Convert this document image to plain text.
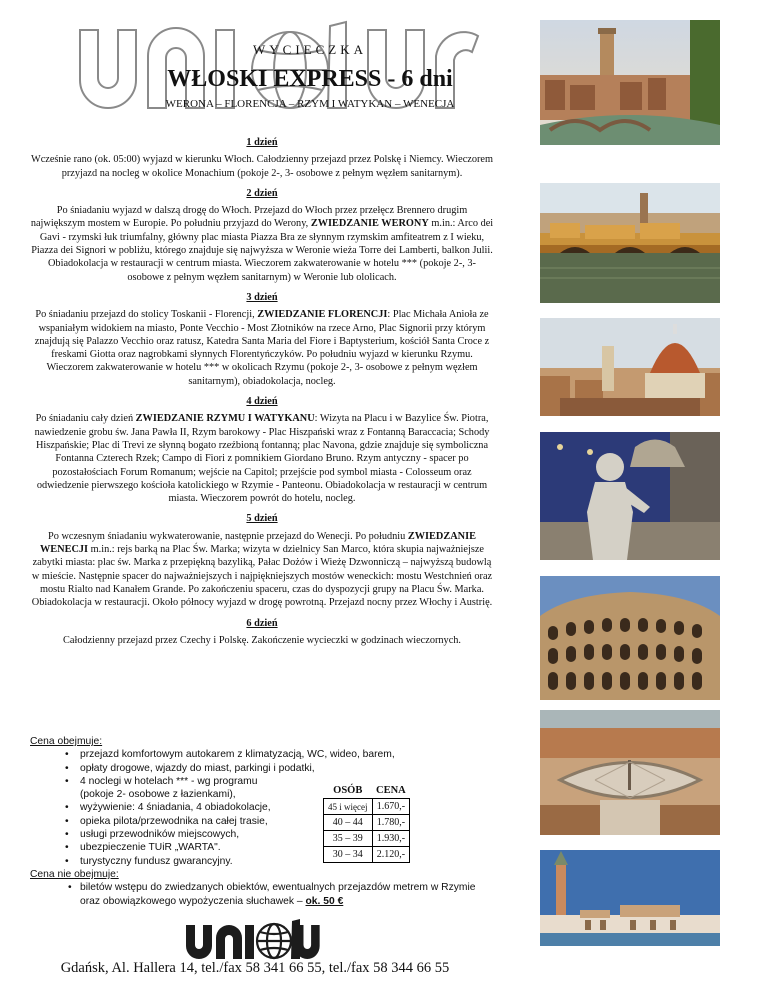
WYCIECZKA
WŁOSKI EXPRESS - 6 dni
WERONA – FLORENCJA – RZYM I WATYKAN – WENECJA
1 dzień
Wcześnie rano (ok. 05:00) wyjazd w kierunku Włoch. Całodzienny przejazd przez Polskę i Niemcy. Wieczorem przyjazd na nocleg w okolice Monachium (pokoje 2-, 3- osobowe z pełnym węzłem sanitarnym).
2 dzień
Po śniadaniu wyjazd w dalszą drogę do Włoch. Przejazd do Włoch przez przełęcz Brennero drugim największym mostem w Europie. Po południu przyjazd do Werony, ZWIEDZANIE WERONY m.in.: Arco dei Gavi - rzymski łuk triumfalny, główny plac miasta Piazza Bra ze słynnym rzymskim amfiteatrem z I wieku, Piazza dei Signori w pobliżu, którego znajduje się najwyższa w Weronie wieża Torre dei Lamberti, balkon Julii. Obiadokolacja w restauracji w centrum miasta. Wieczorem zakwaterowanie w hotelu *** (pokoje 2-, 3- osobowe z pełnym węzłem sanitarnym) w Weronie lub ololicach.
3 dzień
Po śniadaniu przejazd do stolicy Toskanii - Florencji, ZWIEDZANIE FLORENCJI: Plac Michała Anioła ze wspaniałym widokiem na miasto, Ponte Vecchio - Most Złotników na rzece Arno, Plac Signorii przy którym znajdują się Palazzo Vecchio oraz ratusz, Katedra Santa Maria del Fiore i Baptysterium, kościół Santa Croce z freskami Giotta oraz nagrobkami słynnych Florentyńczyków. Po południu wyjazd w kierunku Rzymu. Wieczorem zakwaterowanie w hotelu *** w okolicach Rzymu (pokoje 2-, 3- osobowe z pełnym węzłem sanitarnym), obiadokolacja, nocleg.
4 dzień
Po śniadaniu cały dzień ZWIEDZANIE RZYMU I WATYKANU: Wizyta na Placu i w Bazylice Św. Piotra, nawiedzenie grobu św. Jana Pawła II, Rzym barokowy - Plac Hiszpański wraz z Fontanną Baraccacia; Schody Hiszpańskie; Plac di Trevi ze słynną bogato rzeźbioną fontanną; plac Navona, gdzie znajduje się symboliczna Fontanna Czterech Rzek; Campo di Fiori z pomnikiem Giordano Bruno. Rzym antyczny - spacer po pozostałościach Forum Romanum; wejście na Capitol; przejście pod symbol miasta - Colosseum oraz odwiedzenie pierwszego kościoła katolickiego w Rzymie - Panteonu. Obiadokolacja w restauracji w centrum miasta. Wieczorem powrót do hotelu, nocleg.
5 dzień
Po wczesnym śniadaniu wykwaterowanie, następnie przejazd do Wenecji. Po południu ZWIEDZANIE WENECJI m.in.: rejs barką na Plac Św. Marka; wizyta w dzielnicy San Marco, która skupia najważniejsze zabytki miasta: plac św. Marka z przepiękną bazyliką, Pałac Dożów i Wieżę Dzwonniczą – najwyższą budowlą w mieście. Następnie spacer do najważniejszych i najpiękniejszych mostów weneckich: mostu Westchnień oraz mostu Rialto nad Kanałem Grande. Po zakończeniu spaceru, czas do dyspozycji grupy na Placu Św. Marka. Obiadokolacja w restauracji. Około północy wyjazd w drogę powrotną. Przejazd nocny przez Włochy i Austrię.
6 dzień
Całodzienny przejazd przez Czechy i Polskę. Zakończenie wycieczki w godzinach wieczornych.
Cena obejmuje:
• przejazd komfortowym autokarem z klimatyzacją, WC, wideo, barem,
• opłaty drogowe, wjazdy do miast, parkingi i podatki,
• 4 noclegi w hotelach *** - wg programu
(pokoje 2- osobowe z łazienkami),
• wyżywienie: 4 śniadania, 4 obiadokolacje,
• opieka pilota/przewodnika na całej trasie,
• usługi przewodników miejscowych,
• ubezpieczenie TUiR „WARTA".
• turystyczny fundusz gwarancyjny.
OSÓB	CENA
45 i więcej	1.670,-
40 – 44	1.780,-
35 – 39	1.930,-
30 – 34	2.120,-
Cena nie obejmuje:
• biletów wstępu do zwiedzanych obiektów, ewentualnych przejazdów metrem w Rzymie oraz obowiązkowego wypożyczenia słuchawek – ok. 50 €
Gdańsk, Al. Hallera 14, tel./fax 58 341 66 55, tel./fax 58 344 66 55
